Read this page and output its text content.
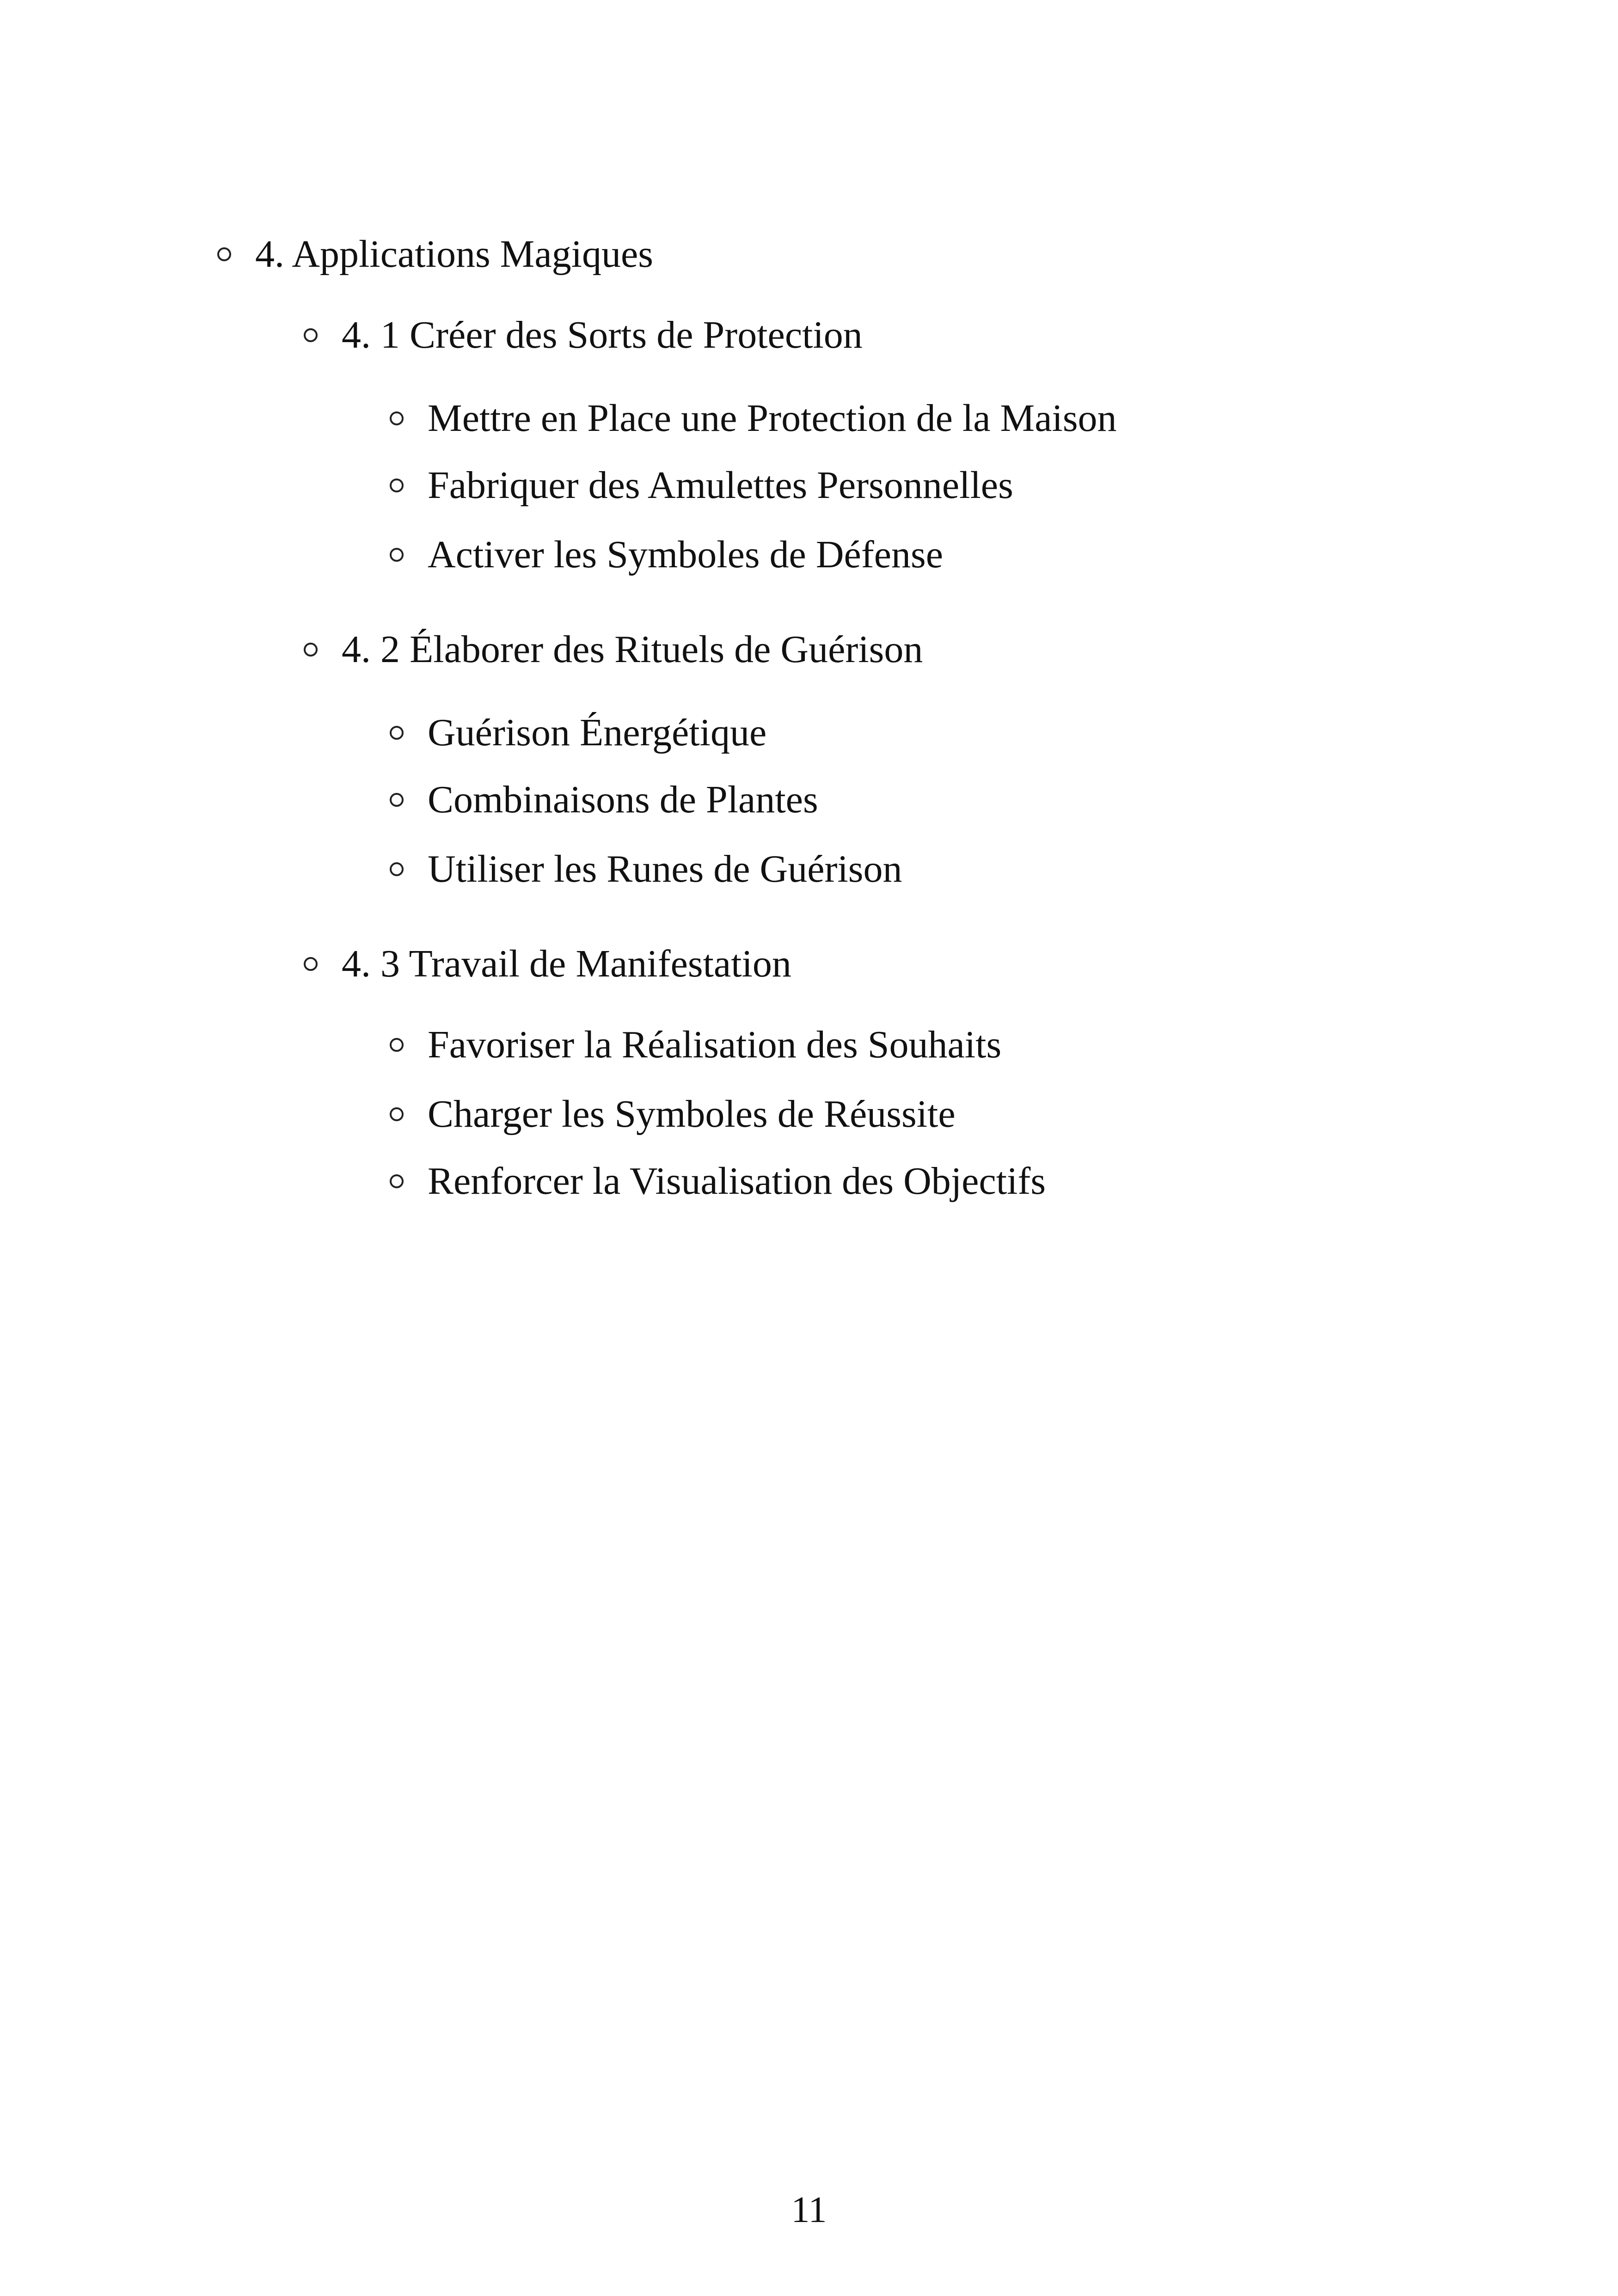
4. Applications Magiques
4. 1 Créer des Sorts de Protection
Mettre en Place une Protection de la Maison
Fabriquer des Amulettes Personnelles
Activer les Symboles de Défense
4. 2 Élaborer des Rituels de Guérison
Guérison Énergétique
Combinaisons de Plantes
Utiliser les Runes de Guérison
4. 3 Travail de Manifestation
Favoriser la Réalisation des Souhaits
Charger les Symboles de Réussite
Renforcer la Visualisation des Objectifs
11
